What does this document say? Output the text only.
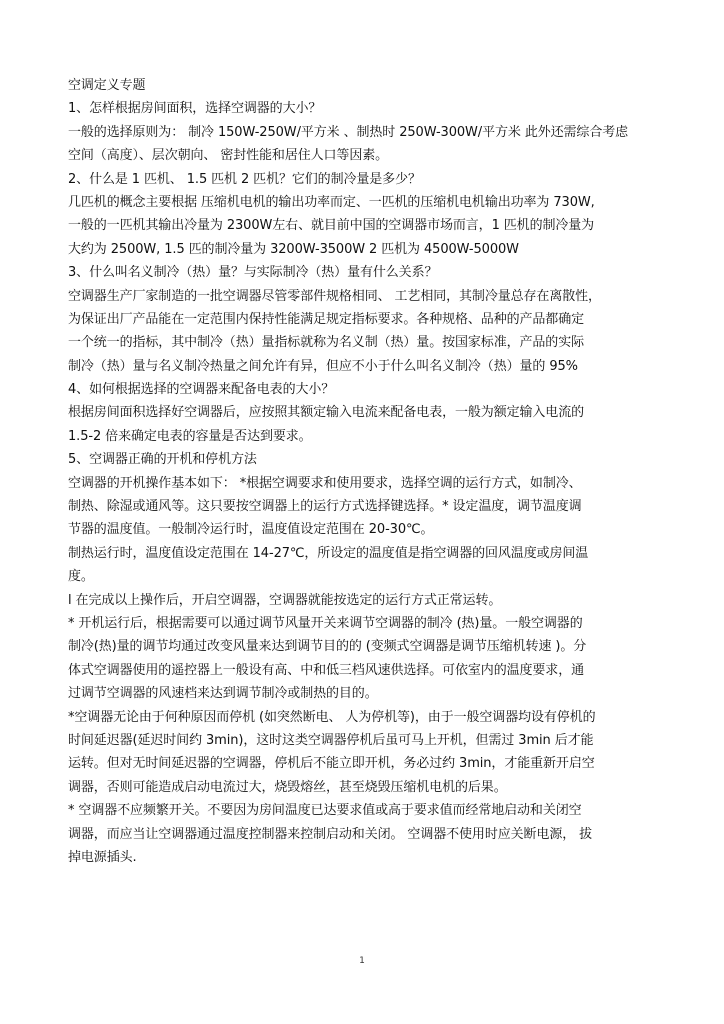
空调定义专题
1、怎样根据房间面积，选择空调器的大小？
一般的选择原则为： 制冷 150W-250W/平方米 、制热时 250W-300W/平方米 此外还需综合考虑
空间（高度）、层次朝向、 密封性能和居住人口等因素。
2、什么是 1 匹机、 1.5 匹机 2 匹机？它们的制冷量是多少？
几匹机的概念主要根据 压缩机电机的输出功率而定、一匹机的压缩机电机输出功率为 730W,
一般的一匹机其输出冷量为 2300W左右、就目前中国的空调器市场而言，1 匹机的制冷量为
大约为 2500W, 1.5 匹的制冷量为 3200W-3500W 2 匹机为 4500W-5000W
3、什么叫名义制冷（热）量？与实际制冷（热）量有什么关系？
空调器生产厂家制造的一批空调器尽管零部件规格相同、 工艺相同，其制冷量总存在离散性，
为保证出厂产品能在一定范围内保持性能满足规定指标要求。各种规格、品种的产品都确定
一个统一的指标，其中制冷（热）量指标就称为名义制（热）量。按国家标准，产品的实际
制冷（热）量与名义制冷热量之间允许有异，但应不小于什么叫名义制冷（热）量的 95%
4、如何根据选择的空调器来配备电表的大小？
根据房间面积选择好空调器后，应按照其额定输入电流来配备电表，一般为额定输入电流的
1.5-2 倍来确定电表的容量是否达到要求。
5、空调器正确的开机和停机方法
空调器的开机操作基本如下： *根据空调要求和使用要求，选择空调的运行方式，如制冷、
制热、除湿或通风等。这只要按空调器上的运行方式选择键选择。* 设定温度，调节温度调
节器的温度值。一般制冷运行时，温度值设定范围在 20-30℃。
制热运行时，温度值设定范围在 14-27℃，所设定的温度值是指空调器的回风温度或房间温
度。
l 在完成以上操作后，开启空调器，空调器就能按选定的运行方式正常运转。
* 开机运行后，根据需要可以通过调节风量开关来调节空调器的制冷 (热)量。一般空调器的
制冷(热)量的调节均通过改变风量来达到调节目的的 (变频式空调器是调节压缩机转速 )。分
体式空调器使用的遥控器上一般设有高、中和低三档风速供选择。可依室内的温度要求，通
过调节空调器的风速档来达到调节制冷或制热的目的。
*空调器无论由于何种原因而停机 (如突然断电、 人为停机等)，由于一般空调器均设有停机的
时间延迟器(延迟时间约 3min)，这时这类空调器停机后虽可马上开机，但需过 3min 后才能
运转。但对无时间延迟器的空调器，停机后不能立即开机，务必过约 3min，才能重新开启空
调器，否则可能造成启动电流过大，烧毁熔丝，甚至烧毁压缩机电机的后果。
* 空调器不应频繁开关。不要因为房间温度已达要求值或高于要求值而经常地启动和关闭空
调器，而应当让空调器通过温度控制器来控制启动和关闭。 空调器不使用时应关断电源， 拔
掉电源插头.
1
